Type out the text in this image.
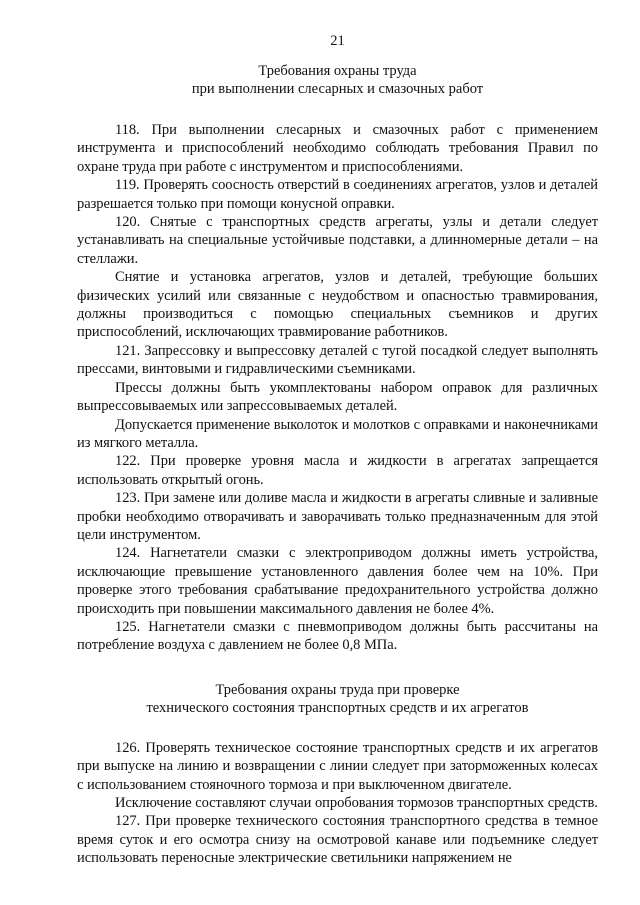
21
Требования охраны труда
при выполнении слесарных и смазочных работ

118. При выполнении слесарных и смазочных работ с применением инструмента и приспособлений необходимо соблюдать требования Правил по охране труда при работе с инструментом и приспособлениями.

119. Проверять соосность отверстий в соединениях агрегатов, узлов и деталей разрешается только при помощи конусной оправки.

120. Снятые с транспортных средств агрегаты, узлы и детали следует устанавливать на специальные устойчивые подставки, а длинномерные детали – на стеллажи.

Снятие и установка агрегатов, узлов и деталей, требующие больших физических усилий или связанные с неудобством и опасностью травмирования, должны производиться с помощью специальных съемников и других приспособлений, исключающих травмирование работников.

121. Запрессовку и выпрессовку деталей с тугой посадкой следует выполнять прессами, винтовыми и гидравлическими съемниками.

Прессы должны быть укомплектованы набором оправок для различных выпрессовываемых или запрессовываемых деталей.

Допускается применение выколоток и молотков с оправками и наконечниками из мягкого металла.

122. При проверке уровня масла и жидкости в агрегатах запрещается использовать открытый огонь.

123. При замене или доливе масла и жидкости в агрегаты сливные и заливные пробки необходимо отворачивать и заворачивать только предназначенным для этой цели инструментом.

124. Нагнетатели смазки с электроприводом должны иметь устройства, исключающие превышение установленного давления более чем на 10%. При проверке этого требования срабатывание предохранительного устройства должно происходить при повышении максимального давления не более 4%.

125. Нагнетатели смазки с пневмоприводом должны быть рассчитаны на потребление воздуха с давлением не более 0,8 МПа.

Требования охраны труда при проверке
технического состояния транспортных средств и их агрегатов

126. Проверять техническое состояние транспортных средств и их агрегатов при выпуске на линию и возвращении с линии следует при заторможенных колесах с использованием стояночного тормоза и при выключенном двигателе.

Исключение составляют случаи опробования тормозов транспортных средств.

127. При проверке технического состояния транспортного средства в темное время суток и его осмотра снизу на осмотровой канаве или подъемнике следует использовать переносные электрические светильники напряжением не
